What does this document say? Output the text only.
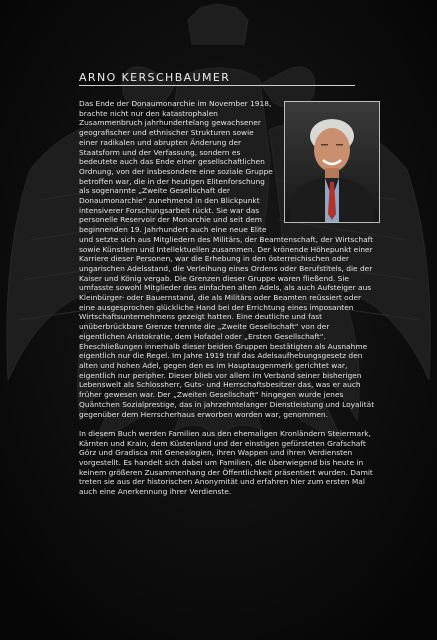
ARNO KERSCHBAUMER

Das Ende der Donaumonarchie im November 1918, brachte nicht nur den katastrophalen Zusammenbruch jahrhundertelang gewachsener geografischer und ethnischer Strukturen sowie einer radikalen und abrupten Änderung der Staatsform und der Verfassung, sondern es bedeutete auch das Ende einer gesellschaftlichen Ordnung, von der insbesondere eine soziale Gruppe betroffen war, die in der heutigen Elitenforschung als sogenannte „Zweite Gesellschaft der Donaumonarchie“ zunehmend in den Blickpunkt intensiverer Forschungsarbeit rückt. Sie war das personelle Reservoir der Monarchie und seit dem beginnenden 19. Jahrhundert auch eine neue Elite und setzte sich aus Mitgliedern des Militärs, der Beamtenschaft, der Wirtschaft sowie Künstlern und Intellektuellen zusammen. Der krönende Höhepunkt einer Karriere dieser Personen, war die Erhebung in den österreichischen oder ungarischen Adelsstand, die Verleihung eines Ordens oder Berufstitels, die der Kaiser und König vergab. Die Grenzen dieser Gruppe waren fließend. Sie umfasste sowohl Mitglieder des einfachen alten Adels, als auch Aufsteiger aus Kleinbürger- oder Bauernstand, die als Militärs oder Beamten reüssiert oder eine ausgesprochen glückliche Hand bei der Errichtung eines imposanten Wirtschaftsunternehmens gezeigt hatten. Eine deutliche und fast unüberbrückbare Grenze trennte die „Zweite Gesellschaft“ von der eigentlichen Aristokratie, dem Hofadel oder „Ersten Gesellschaft“. Eheschließungen innerhalb dieser beiden Gruppen bestätigten als Ausnahme eigentlich nur die Regel. Im Jahre 1919 traf das Adelsaufhebungsgesetz den alten und hohen Adel, gegen den es im Hauptaugenmerk gerichtet war, eigentlich nur peripher. Dieser blieb vor allem im Verband seiner bisherigen Lebenswelt als Schlossherr, Guts- und Herrschaftsbesitzer das, was er auch früher gewesen war. Der „Zweiten Gesellschaft“ hingegen wurde jenes Quäntchen Sozialprestige, das in jahrzehntelanger Dienstleistung und Loyalität gegenüber dem Herrscherhaus erworben worden war, genommen.

In diesem Buch werden Familien aus den ehemaligen Kronländern Steiermark, Kärnten und Krain, dem Küstenland und der einstigen gefürsteten Grafschaft Görz und Gradisca mit Genealogien, ihren Wappen und ihren Verdiensten vorgestellt. Es handelt sich dabei um Familien, die überwiegend bis heute in keinem größeren Zusammenhang der Öffentlichkeit präsentiert wurden. Damit treten sie aus der historischen Anonymität und erfahren hier zum ersten Mal auch eine Anerkennung ihrer Verdienste.
